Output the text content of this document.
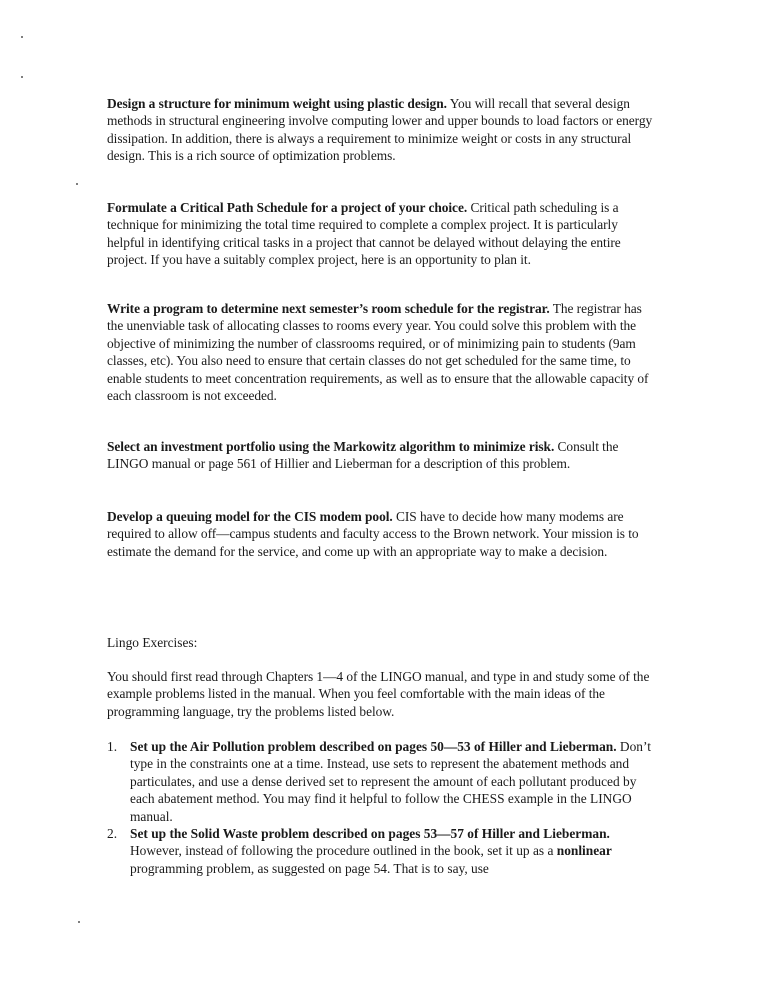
Design a structure for minimum weight using plastic design. You will recall that several design methods in structural engineering involve computing lower and upper bounds to load factors or energy dissipation. In addition, there is always a requirement to minimize weight or costs in any structural design. This is a rich source of optimization problems.

Formulate a Critical Path Schedule for a project of your choice. Critical path scheduling is a technique for minimizing the total time required to complete a complex project. It is particularly helpful in identifying critical tasks in a project that cannot be delayed without delaying the entire project. If you have a suitably complex project, here is an opportunity to plan it.

Write a program to determine next semester’s room schedule for the registrar. The registrar has the unenviable task of allocating classes to rooms every year. You could solve this problem with the objective of minimizing the number of classrooms required, or of minimizing pain to students (9am classes, etc). You also need to ensure that certain classes do not get scheduled for the same time, to enable students to meet concentration requirements, as well as to ensure that the allowable capacity of each classroom is not exceeded.

Select an investment portfolio using the Markowitz algorithm to minimize risk. Consult the LINGO manual or page 561 of Hillier and Lieberman for a description of this problem.

Develop a queuing model for the CIS modem pool. CIS have to decide how many modems are required to allow off—campus students and faculty access to the Brown network. Your mission is to estimate the demand for the service, and come up with an appropriate way to make a decision.

Lingo Exercises:

You should first read through Chapters 1—4 of the LINGO manual, and type in and study some of the example problems listed in the manual. When you feel comfortable with the main ideas of the programming language, try the problems listed below.

1. Set up the Air Pollution problem described on pages 50—53 of Hiller and Lieberman. Don’t type in the constraints one at a time. Instead, use sets to represent the abatement methods and particulates, and use a dense derived set to represent the amount of each pollutant produced by each abatement method. You may find it helpful to follow the CHESS example in the LINGO manual.
2. Set up the Solid Waste problem described on pages 53—57 of Hiller and Lieberman. However, instead of following the procedure outlined in the book, set it up as a nonlinear programming problem, as suggested on page 54. That is to say, use
